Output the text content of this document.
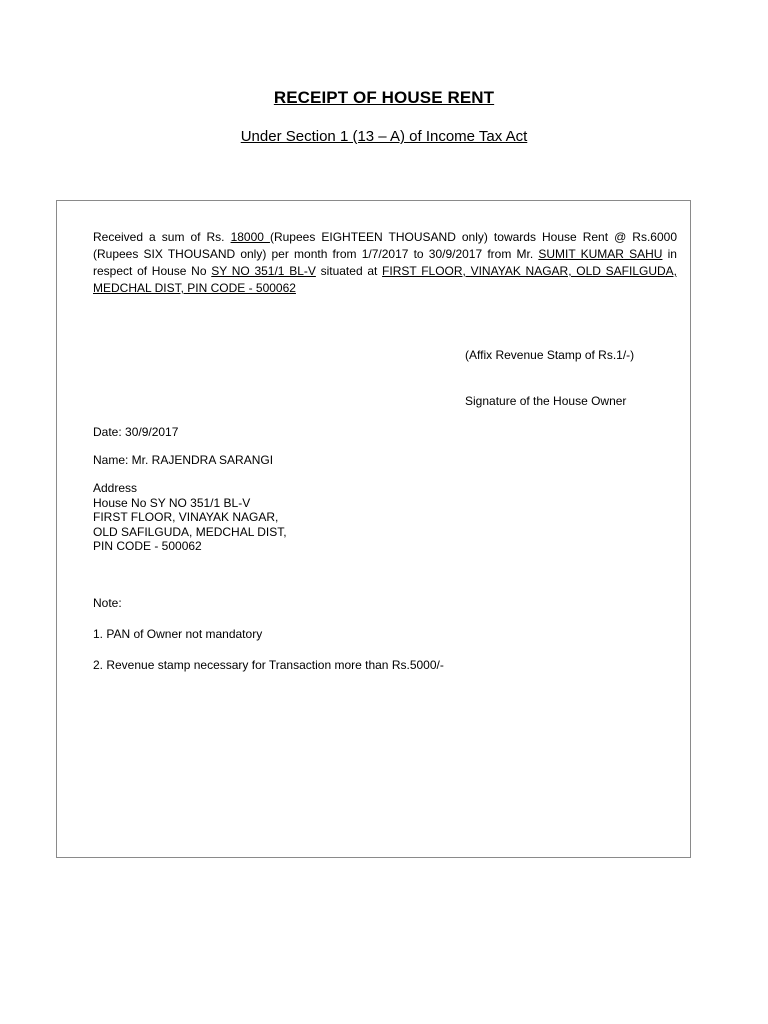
RECEIPT OF HOUSE RENT
Under Section 1 (13 – A) of Income Tax Act
Received a sum of Rs. 18000 (Rupees EIGHTEEN THOUSAND only) towards House Rent @ Rs.6000 (Rupees SIX THOUSAND only) per month from 1/7/2017 to 30/9/2017 from Mr. SUMIT KUMAR SAHU in respect of House No SY NO 351/1 BL-V situated at FIRST FLOOR, VINAYAK NAGAR, OLD SAFILGUDA, MEDCHAL DIST, PIN CODE - 500062
(Affix Revenue Stamp of Rs.1/-)
Signature of the House Owner
Date: 30/9/2017
Name: Mr. RAJENDRA SARANGI
Address
House No SY NO 351/1 BL-V
FIRST FLOOR, VINAYAK NAGAR,
OLD SAFILGUDA, MEDCHAL DIST,
PIN CODE - 500062
Note:
1. PAN of Owner not mandatory
2. Revenue stamp necessary for Transaction more than Rs.5000/-
